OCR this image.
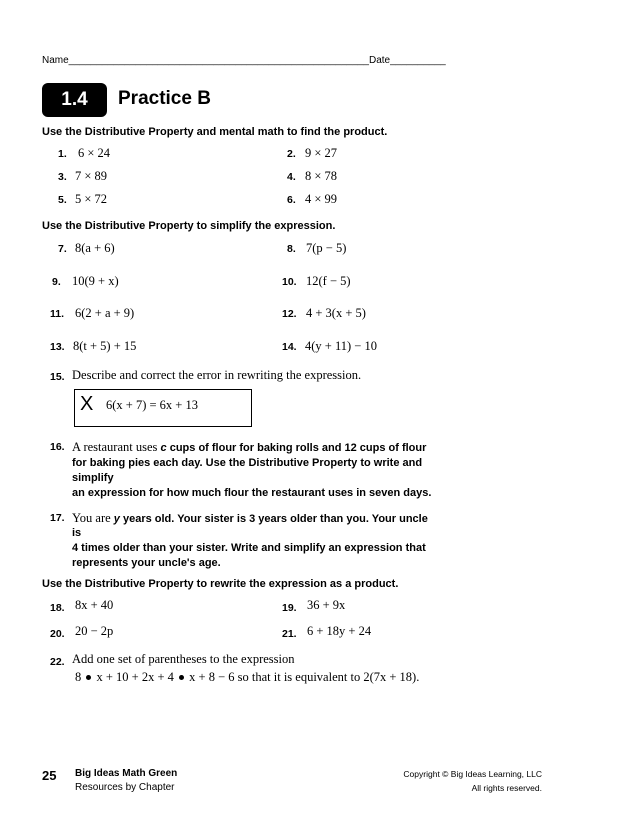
Name______________________________________________________Date__________
1.4	Practice B
Use the Distributive Property and mental math to find the product.
1. 6 × 24	2. 9 × 27
3. 7 × 89	4. 8 × 78
5. 5 × 72	6. 4 × 99
Use the Distributive Property to simplify the expression.
7. 8(a + 6)	8. 7(p − 5)
9. 10(9 + x)	10. 12(f − 5)
11. 6(2 + a + 9)	12. 4 + 3(x + 5)
13. 8(t + 5) + 15	14. 4(y + 11) − 10
15. Describe and correct the error in rewriting the expression.
X 6(x + 7) = 6x + 13
16. A restaurant uses c cups of flour for baking rolls and 12 cups of flour
for baking pies each day. Use the Distributive Property to write and
simplify
an expression for how much flour the restaurant uses in seven days.
17. You are y years old. Your sister is 3 years older than you. Your uncle
is
4 times older than your sister. Write and simplify an expression that
represents your uncle's age.
Use the Distributive Property to rewrite the expression as a product.
18. 8x + 40	19. 36 + 9x
20. 20 − 2p	21. 6 + 18y + 24
22. Add one set of parentheses to the expression
8 x + 10 + 2x + 4 x + 8 − 6 so that it is equivalent to 2(7x + 18).
25 Big Ideas Math Green
Resources by Chapter
Copyright © Big Ideas Learning, LLC
All rights reserved.
